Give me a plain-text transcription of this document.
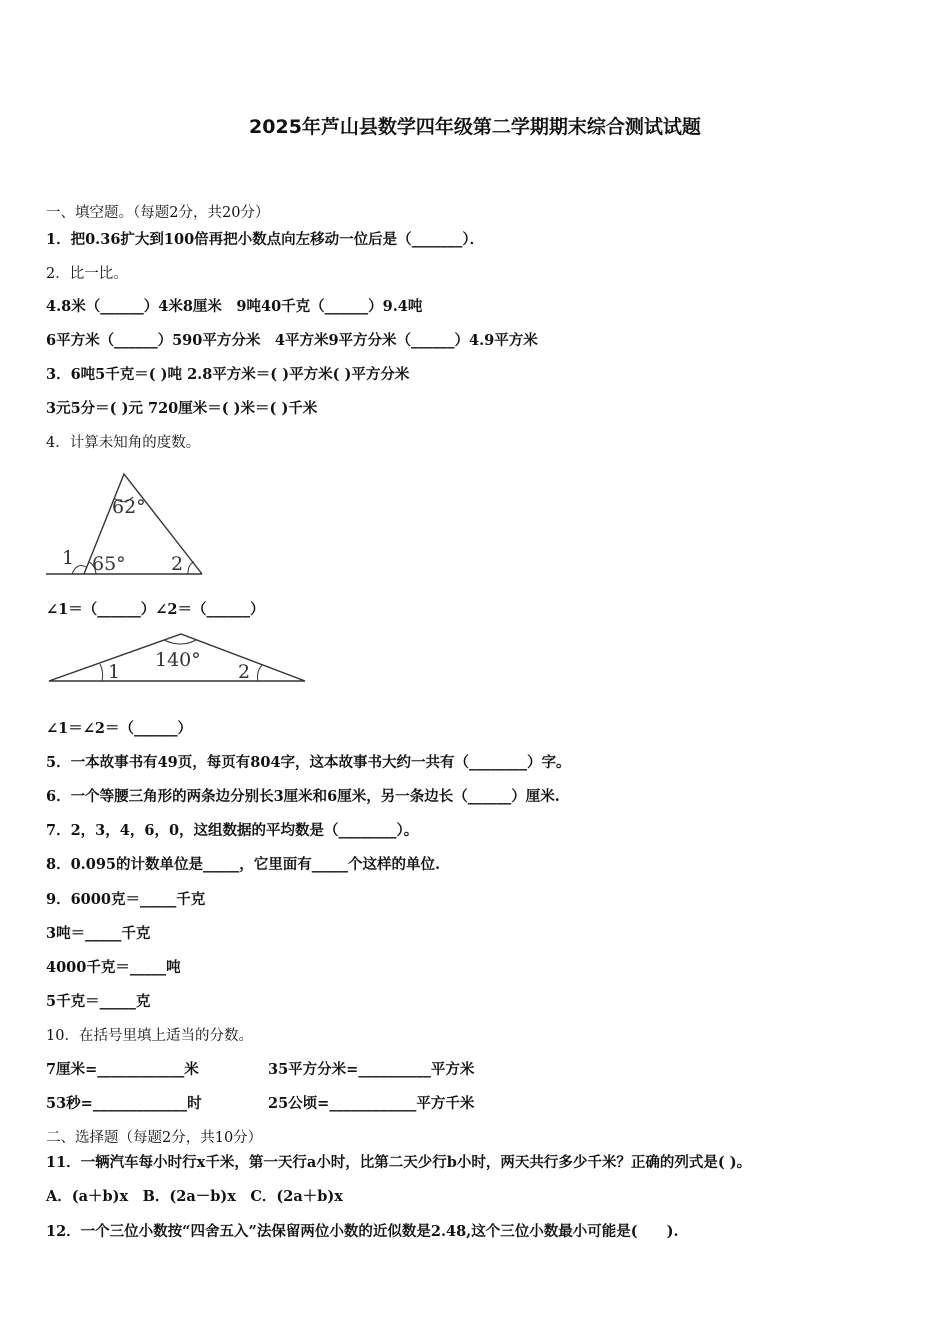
2025年芦山县数学四年级第二学期期末综合测试试题
一、填空题。（每题2分，共20分）
1．把0.36扩大到100倍再把小数点向左移动一位后是（_______）．
2．比一比。
4.8米（______）4米8厘米　9吨40千克（______）9.4吨
6平方米（______）590平方分米　4平方米9平方分米（______）4.9平方米
3．6吨5千克＝( )吨 2.8平方米＝( )平方米( )平方分米
3元5分＝( )元 720厘米＝( )米＝( )千米
4．计算未知角的度数。
62°
1 65° 2
∠1＝（______）∠2＝（______）
140°
1	2
∠1＝∠2＝（______）
5．一本故事书有49页，每页有804字，这本故事书大约一共有（________）字。
6．一个等腰三角形的两条边分别长3厘米和6厘米，另一条边长（______）厘米.
7．2，3，4，6，0，这组数据的平均数是（________）。
8．0.095的计数单位是_____，它里面有_____个这样的单位.
9．6000克＝_____千克
3吨＝_____千克
4000千克＝_____吨
5千克＝_____克
10．在括号里填上适当的分数。
7厘米=____________米	35平方分米=__________平方米
53秒=_____________时	25公顷=____________平方千米
二、选择题（每题2分，共10分）
11．一辆汽车每小时行x千米，第一天行a小时，比第二天少行b小时，两天共行多少千米？正确的列式是( )。
A．(a＋b)x　B．(2a－b)x　C．(2a＋b)x
12．一个三位小数按“四舍五入”法保留两位小数的近似数是2.48,这个三位小数最小可能是(　　).
